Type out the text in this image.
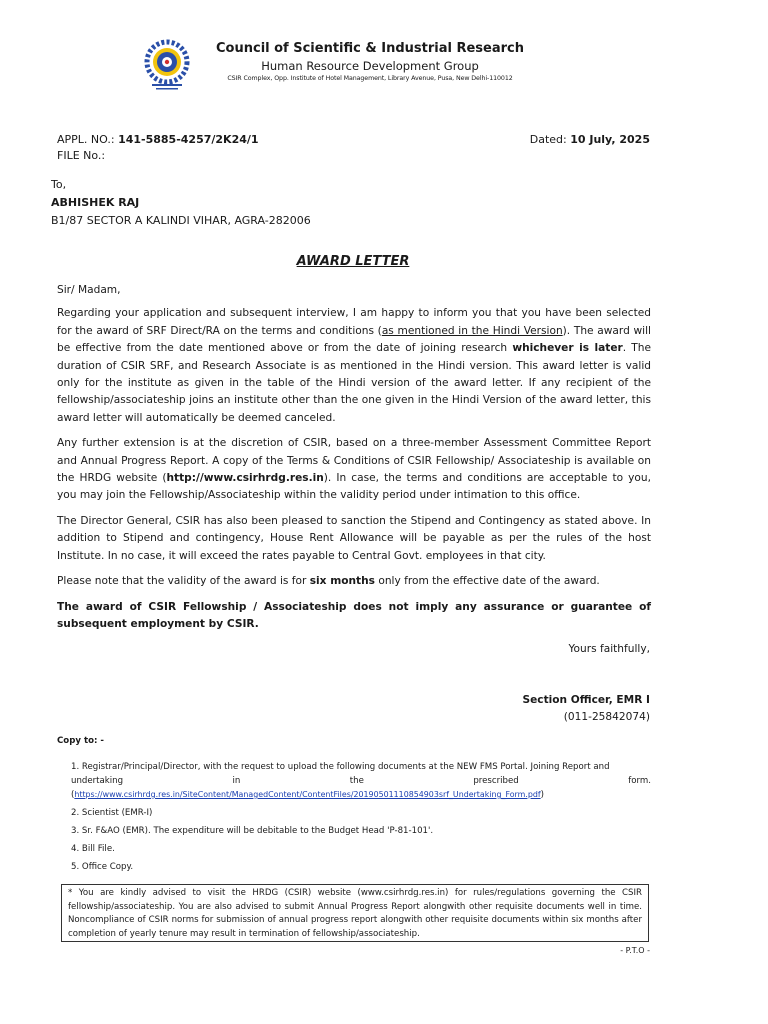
Council of Scientific & Industrial Research
Human Resource Development Group
CSIR Complex, Opp. Institute of Hotel Management, Library Avenue, Pusa, New Delhi-110012
APPL. NO.: 141-5885-4257/2K24/1
FILE No.:
Dated: 10 July, 2025
To,
ABHISHEK RAJ
B1/87 SECTOR A KALINDI VIHAR, AGRA-282006
AWARD LETTER

Sir/ Madam,

Regarding your application and subsequent interview, I am happy to inform you that you have been selected for the award of SRF Direct/RA on the terms and conditions (as mentioned in the Hindi Version). The award will be effective from the date mentioned above or from the date of joining research whichever is later. The duration of CSIR SRF, and Research Associate is as mentioned in the Hindi version. This award letter is valid only for the institute as given in the table of the Hindi version of the award letter. If any recipient of the fellowship/associateship joins an institute other than the one given in the Hindi Version of the award letter, this award letter will automatically be deemed canceled.

Any further extension is at the discretion of CSIR, based on a three-member Assessment Committee Report and Annual Progress Report. A copy of the Terms & Conditions of CSIR Fellowship/ Associateship is available on the HRDG website (http://www.csirhrdg.res.in). In case, the terms and conditions are acceptable to you, you may join the Fellowship/Associateship within the validity period under intimation to this office.

The Director General, CSIR has also been pleased to sanction the Stipend and Contingency as stated above. In addition to Stipend and contingency, House Rent Allowance will be payable as per the rules of the host Institute. In no case, it will exceed the rates payable to Central Govt. employees in that city.

Please note that the validity of the award is for six months only from the effective date of the award.

The award of CSIR Fellowship / Associateship does not imply any assurance or guarantee of subsequent employment by CSIR.

Yours faithfully,
Section Officer, EMR I
(011-25842074)
Copy to: -
1. Registrar/Principal/Director, with the request to upload the following documents at the NEW FMS Portal. Joining Report and
undertaking	in	the	prescribed	form.
(https://www.csirhrdg.res.in/SiteContent/ManagedContent/ContentFiles/20190501110854903srf_Undertaking_Form.pdf)
2. Scientist (EMR-I)
3. Sr. F&AO (EMR). The expenditure will be debitable to the Budget Head 'P-81-101'.
4. Bill File.
5. Office Copy.
* You are kindly advised to visit the HRDG (CSIR) website (www.csirhrdg.res.in) for rules/regulations governing the CSIR fellowship/associateship. You are also advised to submit Annual Progress Report alongwith other requisite documents well in time. Noncompliance of CSIR norms for submission of annual progress report alongwith other requisite documents within six months after completion of yearly tenure may result in termination of fellowship/associateship.
- P.T.O -
